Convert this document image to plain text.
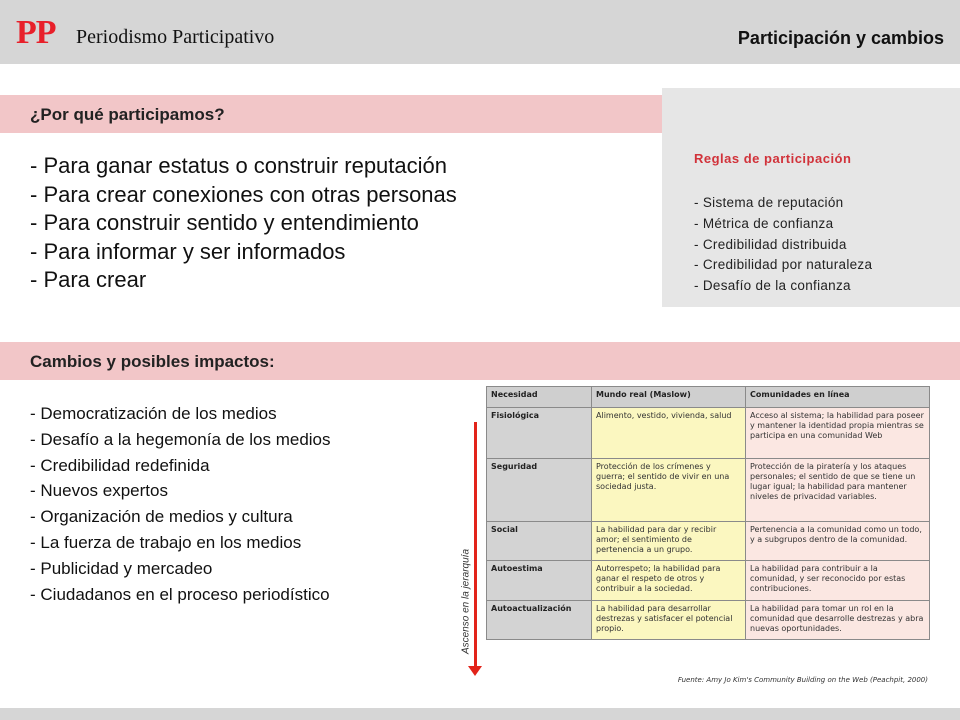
PP Periodismo Participativo	Participación y cambios
¿Por qué participamos?
- Para ganar estatus o construir reputación
- Para crear conexiones con otras personas
- Para construir sentido y entendimiento
- Para informar y ser informados
- Para crear
Reglas de participación
- Sistema de reputación
- Métrica de confianza
- Credibilidad distribuida
- Credibilidad por naturaleza
- Desafío de la confianza
Cambios y posibles impactos:
- Democratización de los medios
- Desafío a la hegemonía de los medios
- Credibilidad redefinida
- Nuevos expertos
- Organización de medios y cultura
- La fuerza de trabajo en los medios
- Publicidad y mercadeo
- Ciudadanos en el proceso periodístico	Ascenso en la jerarquía
Necesidad	Mundo real (Maslow)	Comunidades en línea
Fisiológica	Alimento, vestido, vivienda, salud	Acceso al sistema; la habilidad para poseer y mantener la identidad propia mientras se participa en una comunidad Web
Seguridad	Protección de los crímenes y guerra; el sentido de vivir en una sociedad justa.	Protección de la piratería y los ataques personales; el sentido de que se tiene un lugar igual; la habilidad para mantener niveles de privacidad variables.
Social	La habilidad para dar y recibir amor; el sentimiento de pertenencia a un grupo.	Pertenencia a la comunidad como un todo, y a subgrupos dentro de la comunidad.
Autoestima	Autorrespeto; la habilidad para ganar el respeto de otros y contribuir a la sociedad.	La habilidad para contribuir a la comunidad, y ser reconocido por estas contribuciones.
Autoactualización	La habilidad para desarrollar destrezas y satisfacer el potencial propio.	La habilidad para tomar un rol en la comunidad que desarrolle destrezas y abra nuevas oportunidades.
Fuente: Amy Jo Kim's Community Building on the Web (Peachpit, 2000)
